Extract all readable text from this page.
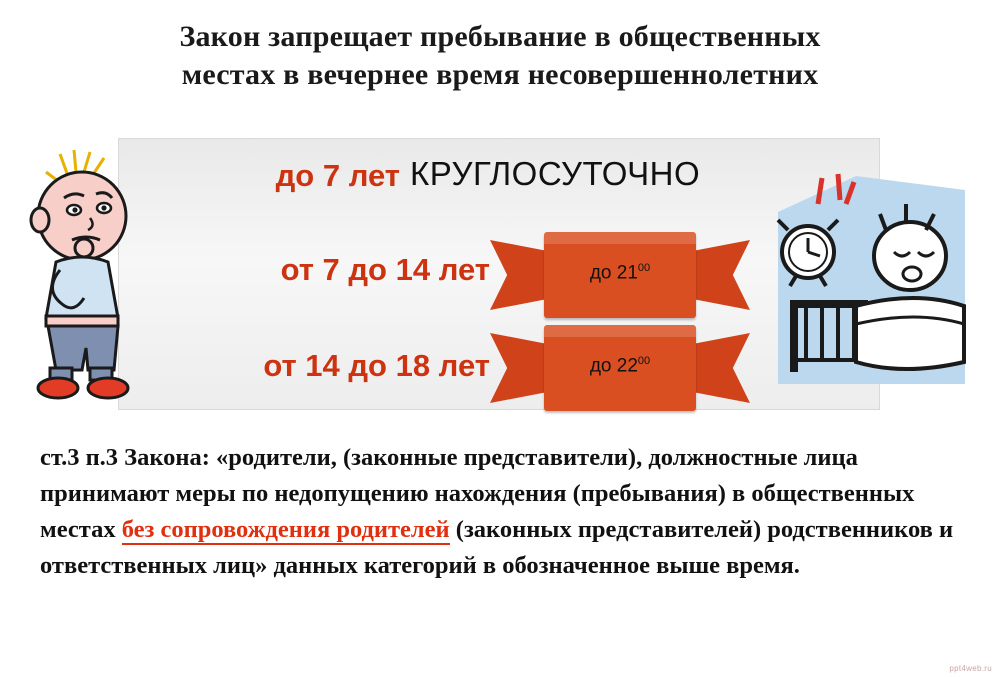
Закон запрещает пребывание в общественных
местах в вечернее время несовершеннолетних
до 7 лет КРУГЛОСУТОЧНО
от 7 до 14 лет
от 14 до 18 лет
до $21^{00}$
до $22^{00}$
ст.3 п.3 Закона: «родители, (законные представители), должностные лица принимают меры по недопущению нахождения (пребывания) в общественных местах без сопровождения родителей (законных представителей) родственников и ответственных лиц» данных категорий в обозначенное выше время.
ppt4web.ru
